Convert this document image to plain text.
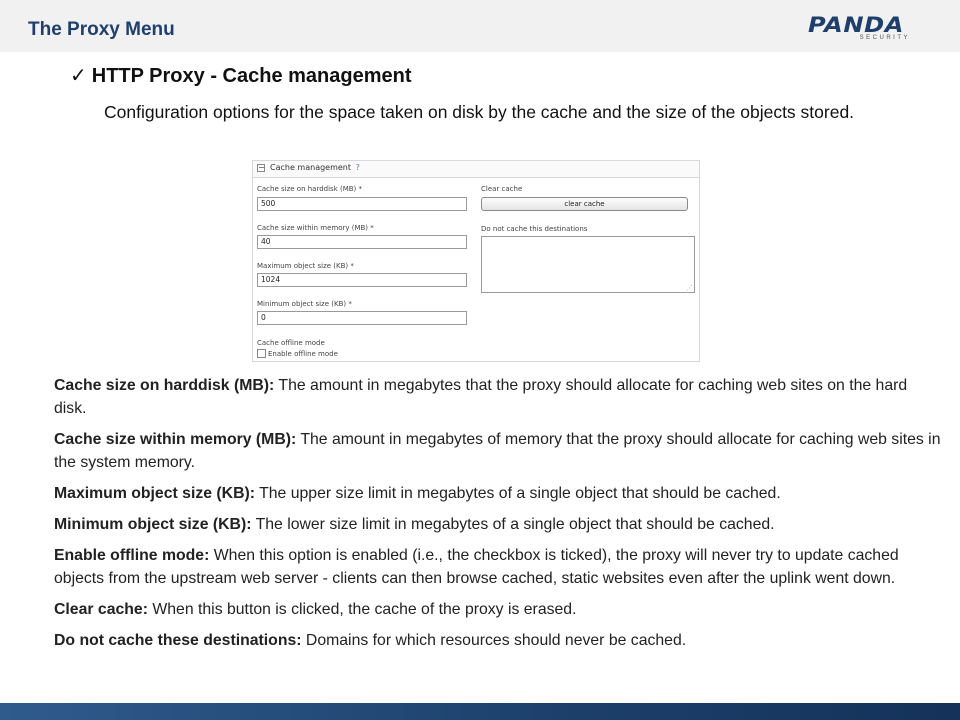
The Proxy Menu	PANDA
SECURITY
✓ HTTP Proxy - Cache management
Configuration options for the space taken on disk by the cache and the size of the objects stored.
− Cache management ?
Cache size on harddisk (MB) *
500
Cache size within memory (MB) *
40
Maximum object size (KB) *
1024
Minimum object size (KB) *
0
Cache offline mode
Enable offline mode
Clear cache
clear cache
Do not cache this destinations
⋰

Cache size on harddisk (MB): The amount in megabytes that the proxy should allocate for caching web sites on the hard disk.

Cache size within memory (MB): The amount in megabytes of memory that the proxy should allocate for caching web sites in the system memory.

Maximum object size (KB): The upper size limit in megabytes of a single object that should be cached.

Minimum object size (KB): The lower size limit in megabytes of a single object that should be cached.

Enable offline mode: When this option is enabled (i.e., the checkbox is ticked), the proxy will never try to update cached objects from the upstream web server - clients can then browse cached, static websites even after the uplink went down.

Clear cache: When this button is clicked, the cache of the proxy is erased.

Do not cache these destinations: Domains for which resources should never be cached.
